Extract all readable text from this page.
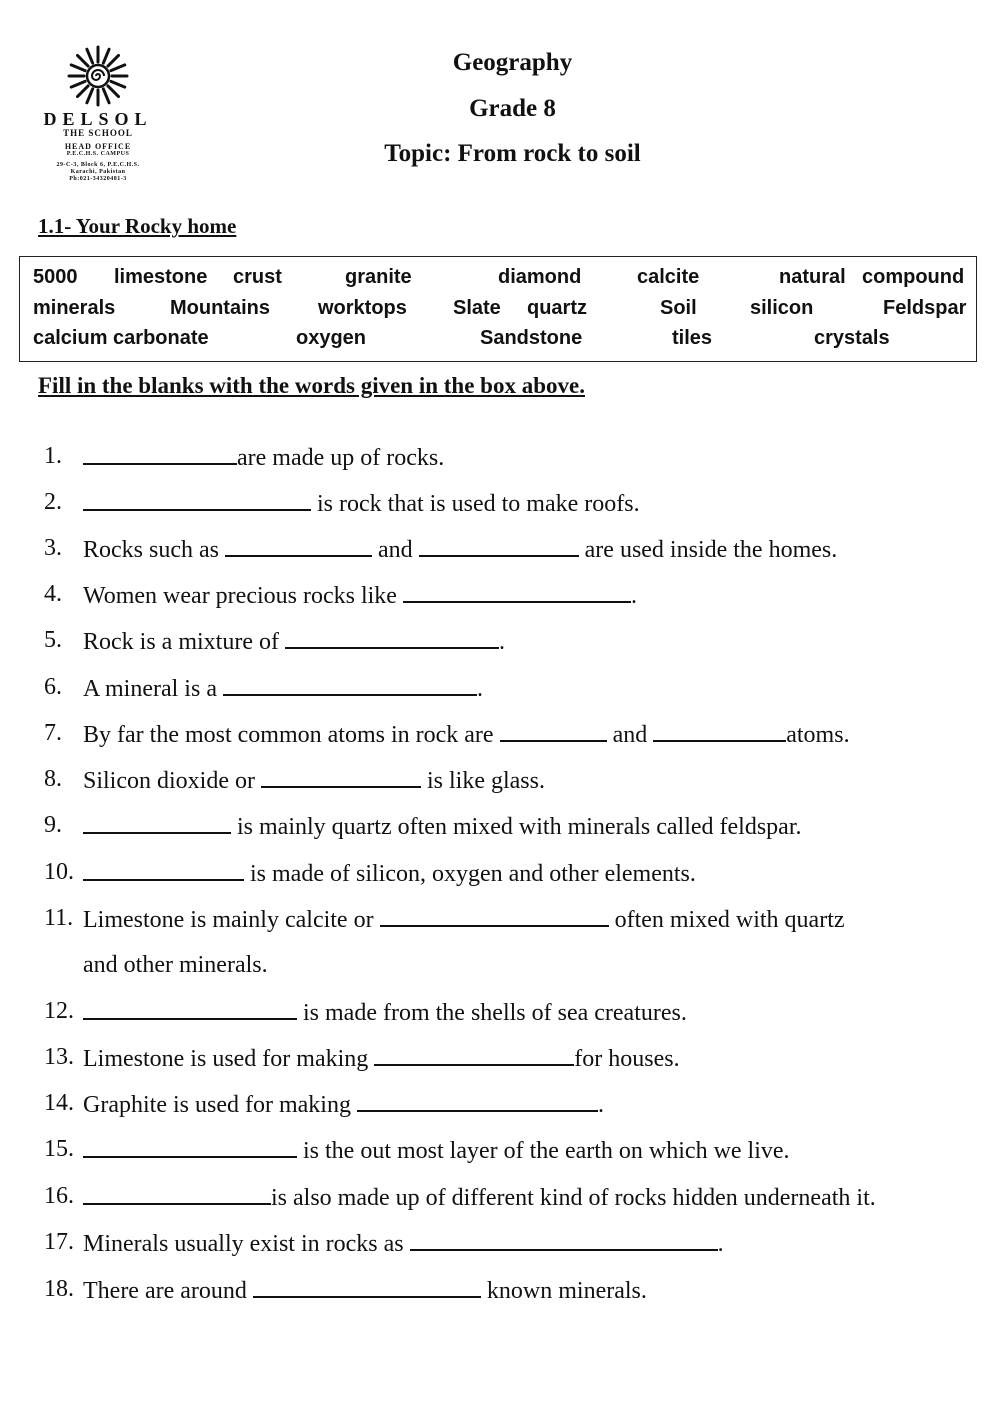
DELSOL
THE SCHOOL
HEAD OFFICE
P.E.C.H.S. CAMPUS
29-C-3, Block 6, P.E.C.H.S.
Karachi, Pakistan
Ph:021-34320481-3
Geography
Grade 8
Topic: From rock to soil
1.1- Your Rocky home
5000 limestone crust	granite	diamond	calcite	natural compound
minerals	Mountains worktops Slate quartz	Soil	silicon	Feldspar
calcium carbonate	oxygen	Sandstone	tiles	crystals
Fill in the blanks with the words given in the box above.
1.	are made up of rocks.
2.	is rock that is used to make roofs.
3. Rocks such as	and	are used inside the homes.
4. Women wear precious rocks like	.
5. Rock is a mixture of	.
6. A mineral is a	.
7. By far the most common atoms in rock are	and	atoms.
8. Silicon dioxide or	is like glass.
9.	is mainly quartz often mixed with minerals called feldspar.
10.	is made of silicon, oxygen and other elements.
11. Limestone is mainly calcite or	often mixed with quartz
and other minerals.
12.	is made from the shells of sea creatures.
13. Limestone is used for making	for houses.
14. Graphite is used for making	.
15.	is the out most layer of the earth on which we live.
16.	is also made up of different kind of rocks hidden underneath it.
17. Minerals usually exist in rocks as	.
18. There are around	known minerals.
